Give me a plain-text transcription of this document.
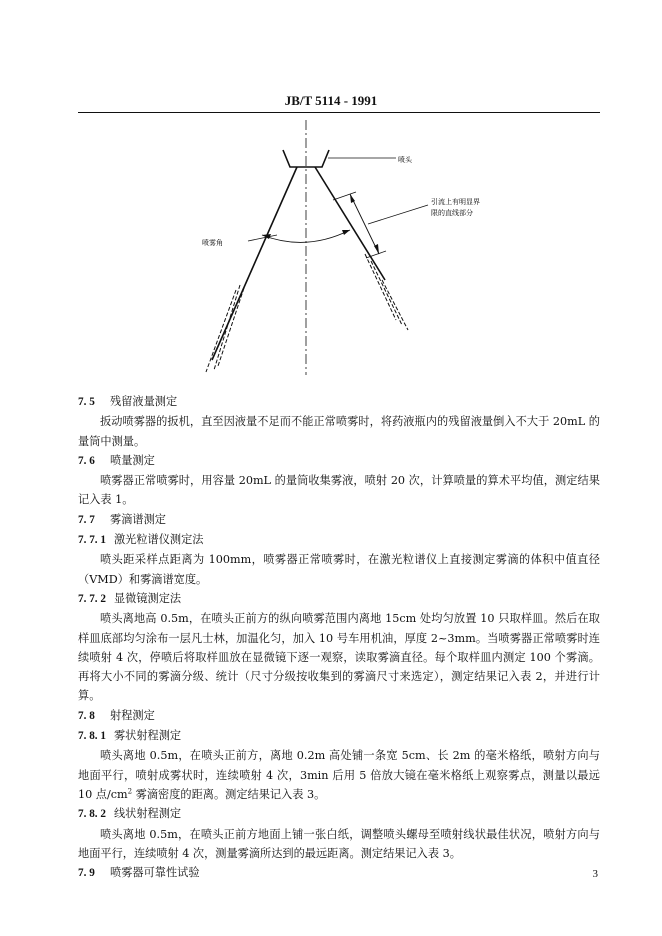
JB/T 5114 - 1991
喷头
喷雾角
引流上有明显界
限的直线部分

7. 5 残留液量测定

扳动喷雾器的扳机，直至因液量不足而不能正常喷雾时，将药液瓶内的残留液量倒入不大于 20mL 的量筒中测量。

7. 6 喷量测定

喷雾器正常喷雾时，用容量 20mL 的量筒收集雾液，喷射 20 次，计算喷量的算术平均值，测定结果记入表 1。

7. 7 雾滴谱测定

7. 7. 1 激光粒谱仪测定法

喷头距采样点距离为 100mm，喷雾器正常喷雾时，在激光粒谱仪上直接测定雾滴的体积中值直径（VMD）和雾滴谱宽度。

7. 7. 2 显微镜测定法

喷头离地高 0.5m，在喷头正前方的纵向喷雾范围内离地 15cm 处均匀放置 10 只取样皿。然后在取样皿底部均匀涂布一层凡士林，加温化匀，加入 10 号车用机油，厚度 2~3mm。当喷雾器正常喷雾时连续喷射 4 次，停喷后将取样皿放在显微镜下逐一观察，读取雾滴直径。每个取样皿内测定 100 个雾滴。再将大小不同的雾滴分级、统计（尺寸分级按收集到的雾滴尺寸来选定），测定结果记入表 2，并进行计算。

7. 8 射程测定

7. 8. 1 雾状射程测定

喷头离地 0.5m，在喷头正前方，离地 0.2m 高处铺一条宽 5cm、长 2m 的毫米格纸，喷射方向与地面平行，喷射成雾状时，连续喷射 4 次，3min 后用 5 倍放大镜在毫米格纸上观察雾点，测量以最远 10 点$/cm^2$ 雾滴密度的距离。测定结果记入表 3。

7. 8. 2 线状射程测定

喷头离地 0.5m，在喷头正前方地面上铺一张白纸，调整喷头螺母至喷射线状最佳状况，喷射方向与地面平行，连续喷射 4 次，测量雾滴所达到的最远距离。测定结果记入表 3。

7. 9 喷雾器可靠性试验	3
